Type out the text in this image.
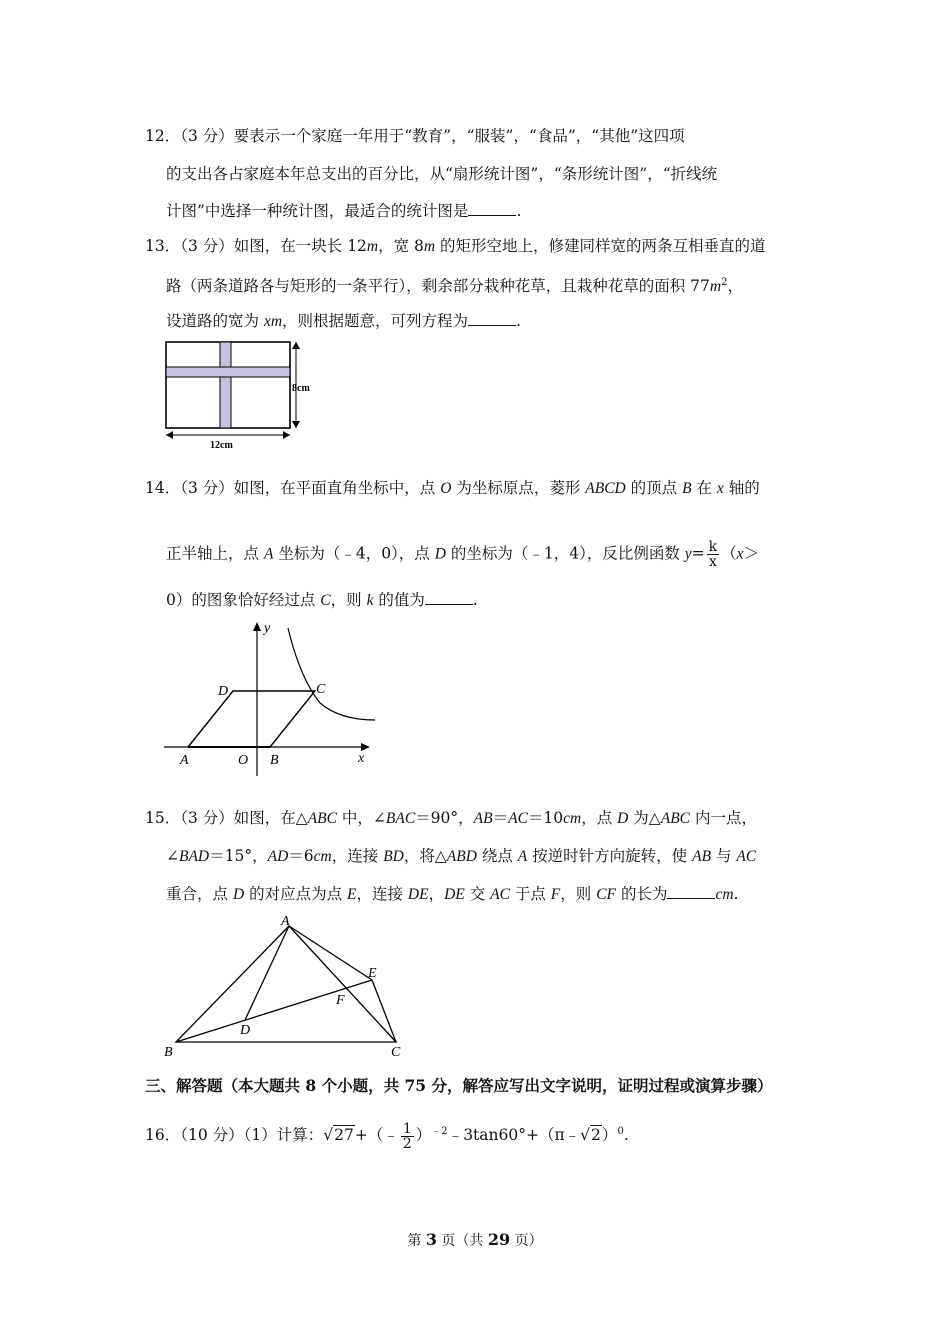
12．（3 分）要表示一个家庭一年用于“教育”，“服装”，“食品”，“其他”这四项
的支出各占家庭本年总支出的百分比，从“扇形统计图”，“条形统计图”，“折线统
计图”中选择一种统计图，最适合的统计图是	.
13．（3 分）如图，在一块长 12m，宽 8m 的矩形空地上，修建同样宽的两条互相垂直的道
路（两条道路各与矩形的一条平行），剩余部分栽种花草，且栽种花草的面积 $77m^2$，
设道路的宽为 xm，则根据题意，可列方程为	.
8cm
12cm
14．（3 分）如图，在平面直角坐标中，点 O 为坐标原点，菱形 ABCD 的顶点 B 在 x 轴的
正半轴上，点 A 坐标为（﹣4，0），点 D 的坐标为（﹣1，4），反比例函数 $y= \frac{k}{x} (x>$
0）的图象恰好经过点 C，则 k 的值为	.
y
x
D	C
A	O B
15．（3 分）如图，在△ABC 中，∠BAC＝90°，AB＝AC＝10cm，点 D 为△ABC 内一点，
∠BAD＝15°，AD＝6cm，连接 BD，将△ABD 绕点 A 按逆时针方向旋转，使 AB 与 AC
重合，点 D 的对应点为点 E，连接 DE，DE 交 AC 于点 F，则 CF 的长为	cm.
A
E
F
D
B	C
三、解答题（本大题共 8 个小题，共 75 分，解答应写出文字说明，证明过程或演算步骤）
16．（10 分）（1）计算：√27+（﹣ $\frac{1}{2}$ ）$^{﹣2}$﹣3tan60°+（π﹣√2）$^0$.
第 3 页（共 29 页）
